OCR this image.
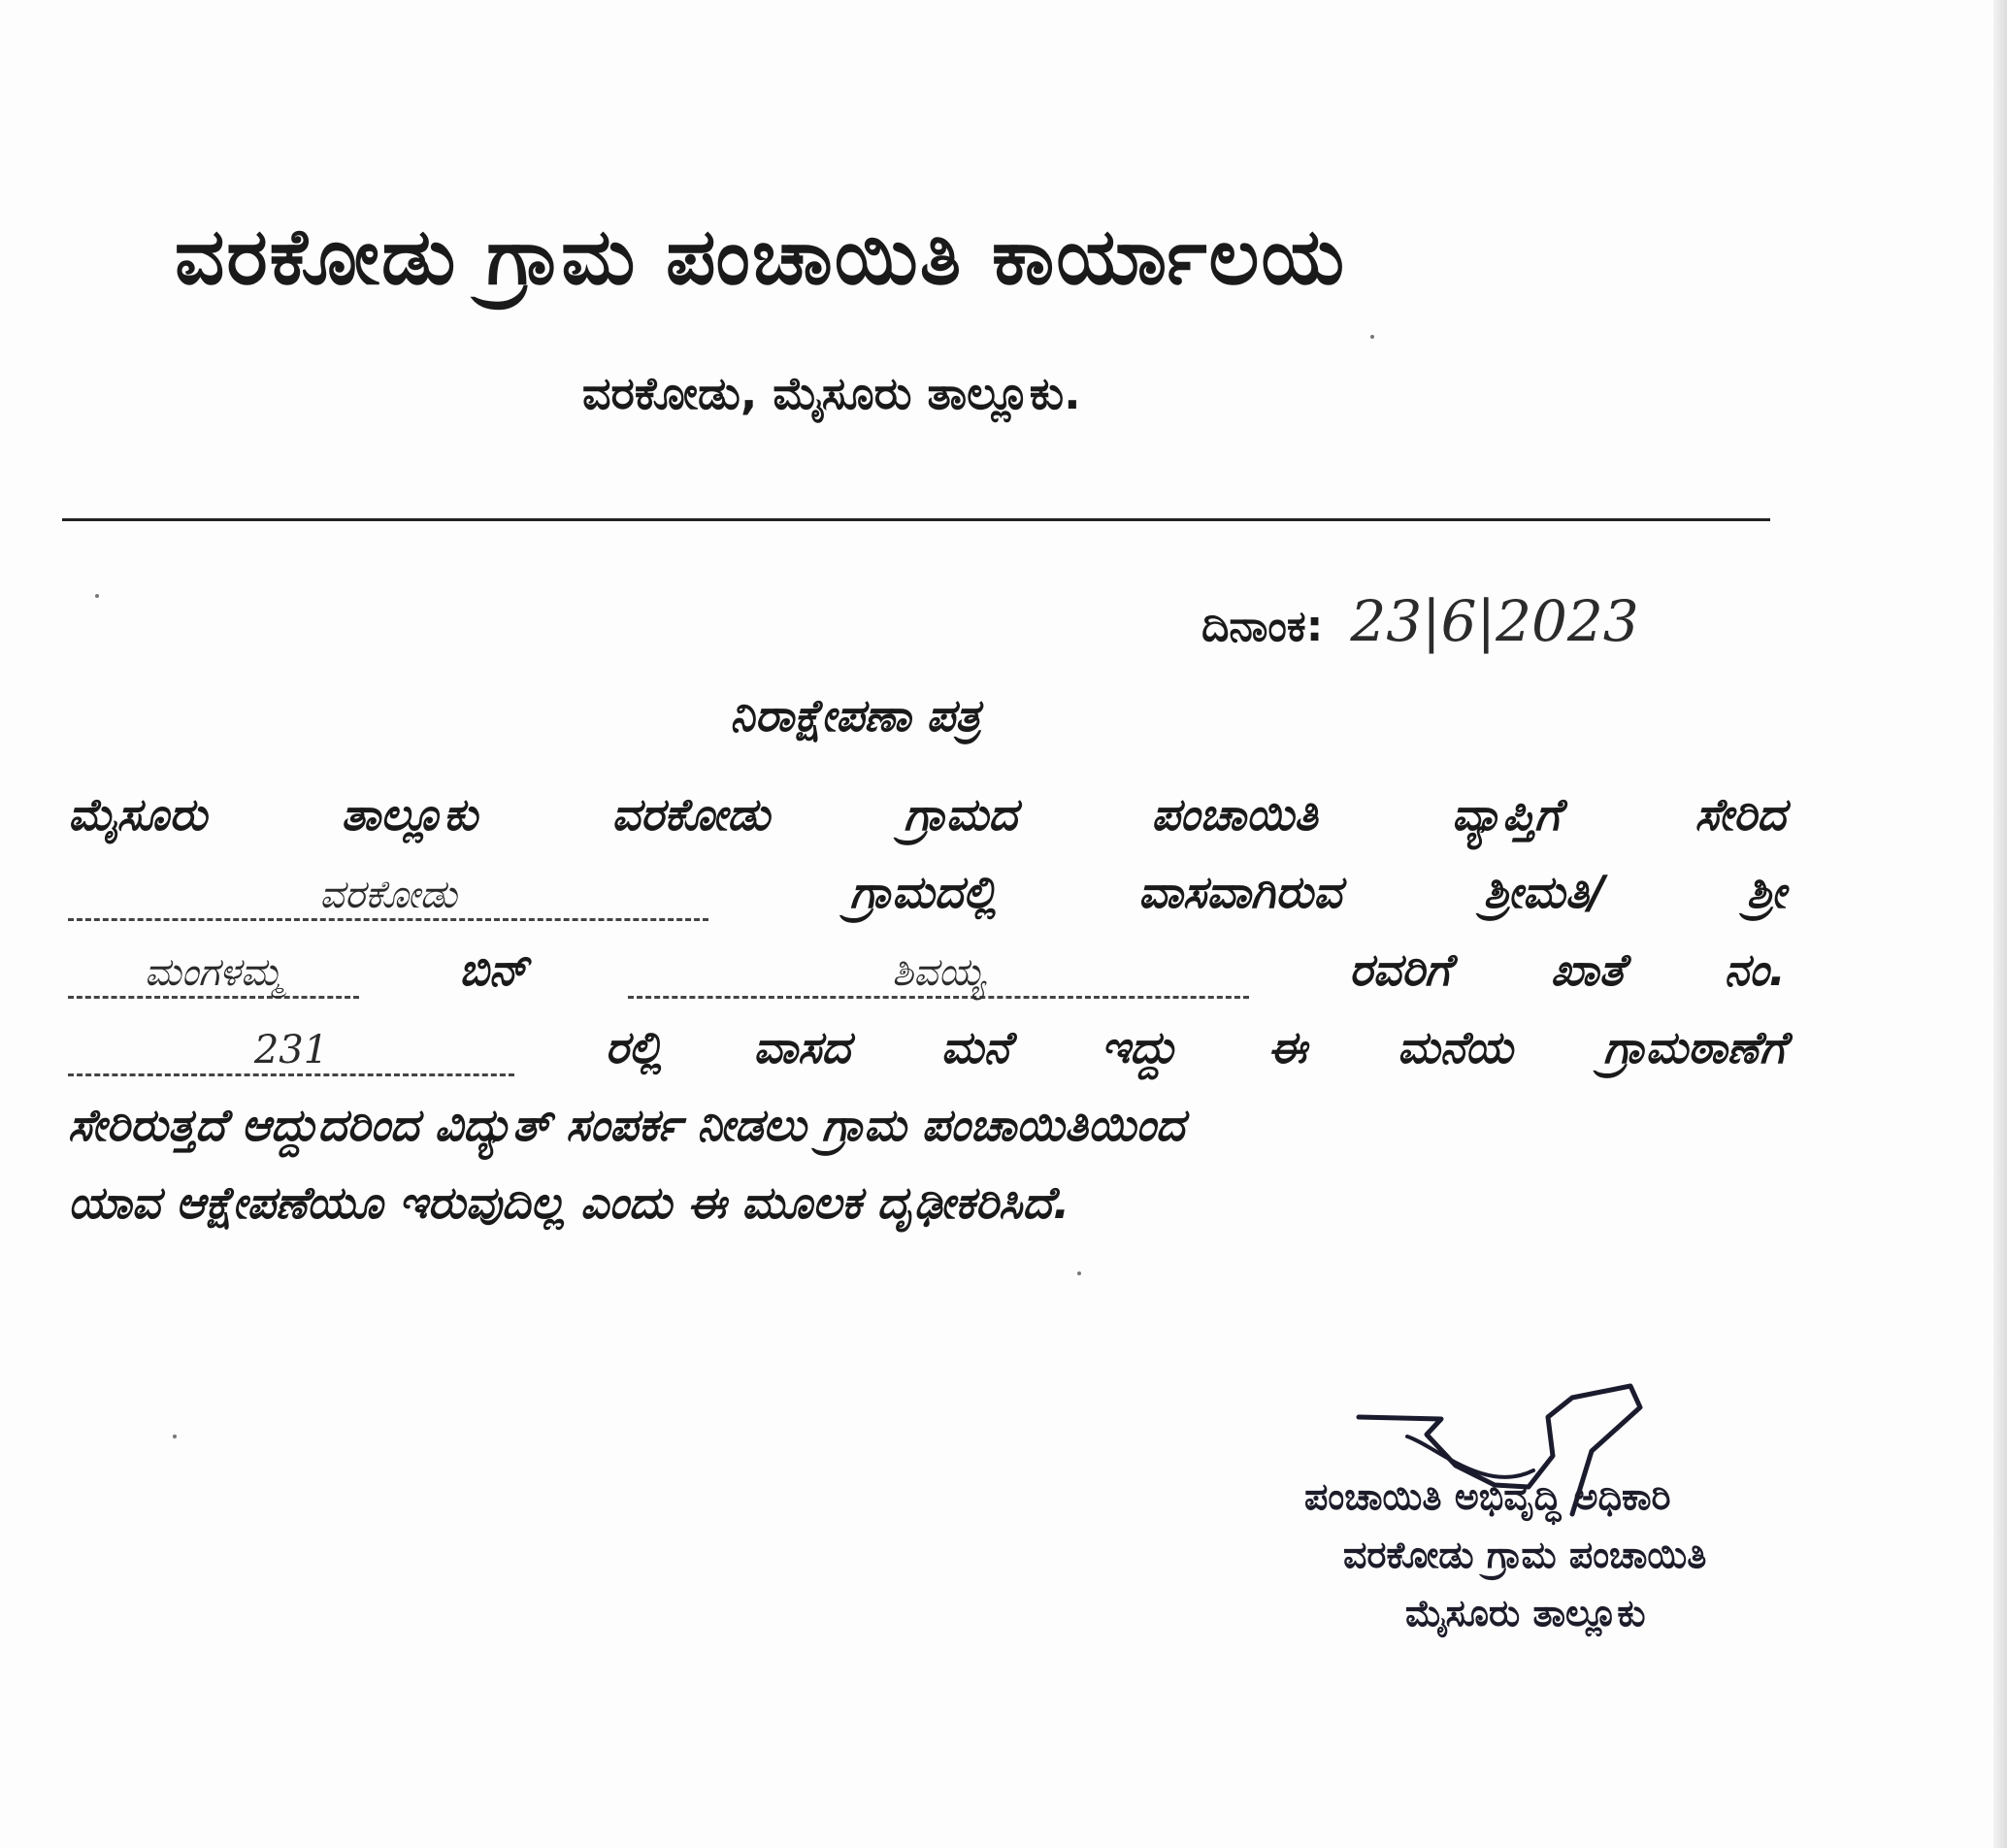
ವರಕೋಡು ಗ್ರಾಮ ಪಂಚಾಯಿತಿ ಕಾರ್ಯಾಲಯ
ವರಕೋಡು, ಮೈಸೂರು ತಾಲ್ಲೂಕು.
ದಿನಾಂಕ: 23|6|2023
ನಿರಾಕ್ಷೇಪಣಾ ಪತ್ರ
ಮೈಸೂರು	ತಾಲ್ಲೂಕು	ವರಕೋಡು	ಗ್ರಾಮದ	ಪಂಚಾಯಿತಿ	ವ್ಯಾಪ್ತಿಗೆ	ಸೇರಿದ
ವರಕೋಡು	ಗ್ರಾಮದಲ್ಲಿ	ವಾಸವಾಗಿರುವ	ಶ್ರೀಮತಿ/	ಶ್ರೀ
ಮಂಗಳಮ್ಮ	ಬಿನ್	ಶಿವಯ್ಯ	ರವರಿಗೆ ಖಾತೆ ನಂ.
231	ರಲ್ಲಿ ವಾಸದ ಮನೆ ಇದ್ದು ಈ ಮನೆಯ ಗ್ರಾಮಠಾಣೆಗೆ
ಸೇರಿರುತ್ತದೆ ಆದ್ದುದರಿಂದ ವಿದ್ಯುತ್ ಸಂಪರ್ಕ ನೀಡಲು ಗ್ರಾಮ ಪಂಚಾಯಿತಿಯಿಂದ
ಯಾವ ಆಕ್ಷೇಪಣೆಯೂ ಇರುವುದಿಲ್ಲ ಎಂದು ಈ ಮೂಲಕ ದೃಢೀಕರಿಸಿದೆ.
ಪಂಚಾಯಿತಿ ಅಭಿವೃದ್ಧಿ ಅಧಿಕಾರಿ
ವರಕೋಡು ಗ್ರಾಮ ಪಂಚಾಯಿತಿ
ಮೈಸೂರು ತಾಲ್ಲೂಕು
